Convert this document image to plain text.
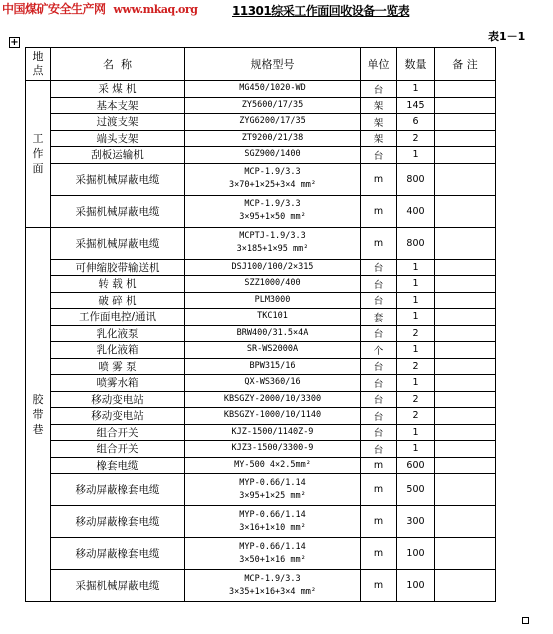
中国煤矿安全生产网 www.mkaq.org	11301综采工作面回收设备一览表
表1－1
+
地点	名  称	规格型号	单位	数量	备 注
工作面	采 煤 机	MG450/1020-WD	台	1	
	基本支架	ZY5600/17/35	架	145	
	过渡支架	ZYG6200/17/35	架	6	
	端头支架	ZT9200/21/38	架	2	
	刮板运输机	SGZ900/1400	台	1	
	采掘机械屏蔽电缆	MCP-1.9/3.3
3×70+1×25+3×4 mm²	m	800	
	采掘机械屏蔽电缆	MCP-1.9/3.3
3×95+1×50 mm²	m	400	
胶带巷	采掘机械屏蔽电缆	MCPTJ-1.9/3.3
3×185+1×95 mm²	m	800	
	可伸缩胶带输送机	DSJ100/100/2×315	台	1	
	转 载 机	SZZ1000/400	台	1	
	破 碎 机	PLM3000	台	1	
	工作面电控/通讯	TKC101	套	1	
	乳化液泵	BRW400/31.5×4A	台	2	
	乳化液箱	SR-WS2000A	个	1	
	喷 雾 泵	BPW315/16	台	2	
	喷雾水箱	QX-WS360/16	台	1	
	移动变电站	KBSGZY-2000/10/3300	台	2	
	移动变电站	KBSGZY-1000/10/1140	台	2	
	组合开关	KJZ-1500/1140Z-9	台	1	
	组合开关	KJZ3-1500/3300-9	台	1	
	橡套电缆	MY-500 4×2.5mm²	m	600	
	移动屏蔽橡套电缆	MYP-0.66/1.14
3×95+1×25 mm²	m	500	
	移动屏蔽橡套电缆	MYP-0.66/1.14
3×16+1×10 mm²	m	300	
	移动屏蔽橡套电缆	MYP-0.66/1.14
3×50+1×16 mm²	m	100	
	采掘机械屏蔽电缆	MCP-1.9/3.3
3×35+1×16+3×4 mm²	m	100	
